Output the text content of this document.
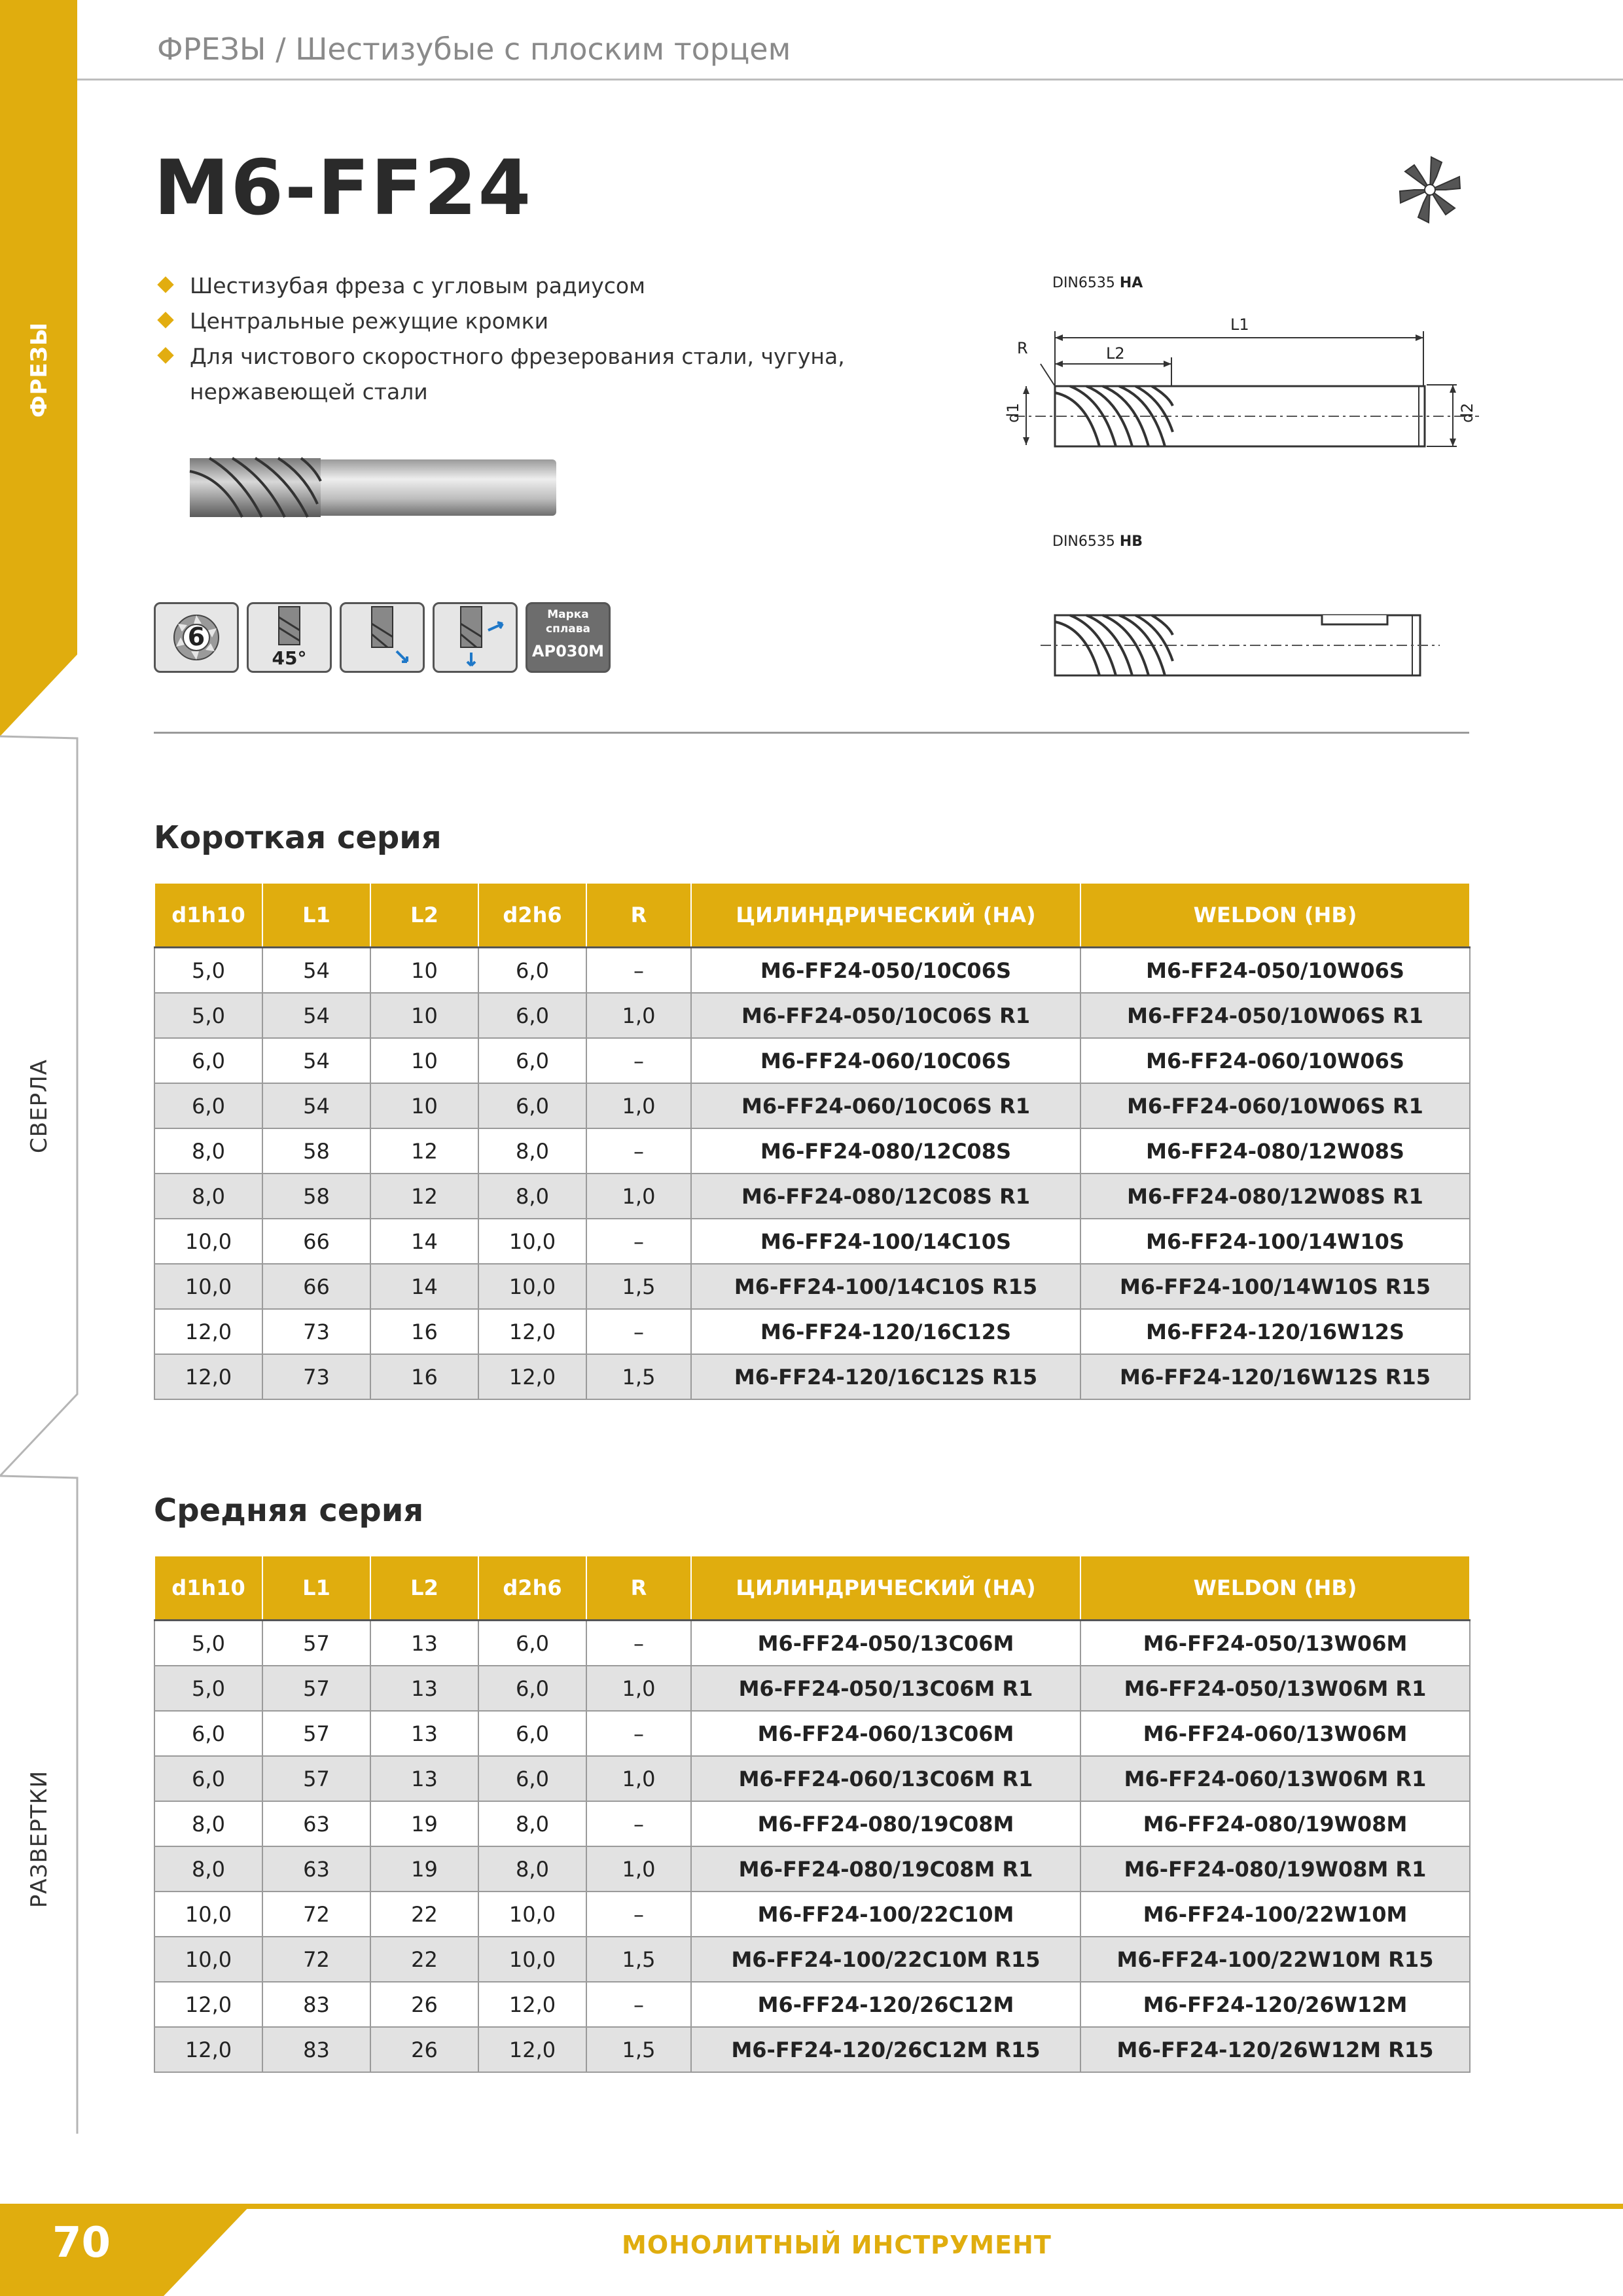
ФРЕЗЫ
СВЕРЛА
РАЗВЕРТКИ
ФРЕЗЫ / Шестизубые с плоским торцем
M6-FF24
Шестизубая фреза с угловым радиусом
Центральные режущие кромки
Для чистового скоростного фрезерования стали, чугуна,
нержавеющей стали
6
45°
Марка
сплава
AP030M
DIN6535 HA
L1
L2
R
d1	d2
DIN6535 HB
Короткая серия
d1h10	L1	L2	d2h6	R	ЦИЛИНДРИЧЕСКИЙ (HA)	WELDON (HB)
5,0	54	10	6,0	–	M6-FF24-050/10C06S	M6-FF24-050/10W06S
5,0	54	10	6,0	1,0	M6-FF24-050/10C06S R1	M6-FF24-050/10W06S R1
6,0	54	10	6,0	–	M6-FF24-060/10C06S	M6-FF24-060/10W06S
6,0	54	10	6,0	1,0	M6-FF24-060/10C06S R1	M6-FF24-060/10W06S R1
8,0	58	12	8,0	–	M6-FF24-080/12C08S	M6-FF24-080/12W08S
8,0	58	12	8,0	1,0	M6-FF24-080/12C08S R1	M6-FF24-080/12W08S R1
10,0	66	14	10,0	–	M6-FF24-100/14C10S	M6-FF24-100/14W10S
10,0	66	14	10,0	1,5	M6-FF24-100/14C10S R15	M6-FF24-100/14W10S R15
12,0	73	16	12,0	–	M6-FF24-120/16C12S	M6-FF24-120/16W12S
12,0	73	16	12,0	1,5	M6-FF24-120/16C12S R15	M6-FF24-120/16W12S R15
Средняя серия
d1h10	L1	L2	d2h6	R	ЦИЛИНДРИЧЕСКИЙ (HA)	WELDON (HB)
5,0	57	13	6,0	–	M6-FF24-050/13C06M	M6-FF24-050/13W06M
5,0	57	13	6,0	1,0	M6-FF24-050/13C06M R1	M6-FF24-050/13W06M R1
6,0	57	13	6,0	–	M6-FF24-060/13C06M	M6-FF24-060/13W06M
6,0	57	13	6,0	1,0	M6-FF24-060/13C06M R1	M6-FF24-060/13W06M R1
8,0	63	19	8,0	–	M6-FF24-080/19C08M	M6-FF24-080/19W08M
8,0	63	19	8,0	1,0	M6-FF24-080/19C08M R1	M6-FF24-080/19W08M R1
10,0	72	22	10,0	–	M6-FF24-100/22C10M	M6-FF24-100/22W10M
10,0	72	22	10,0	1,5	M6-FF24-100/22C10M R15	M6-FF24-100/22W10M R15
12,0	83	26	12,0	–	M6-FF24-120/26C12M	M6-FF24-120/26W12M
12,0	83	26	12,0	1,5	M6-FF24-120/26C12M R15	M6-FF24-120/26W12M R15
70	МОНОЛИТНЫЙ ИНСТРУМЕНТ
